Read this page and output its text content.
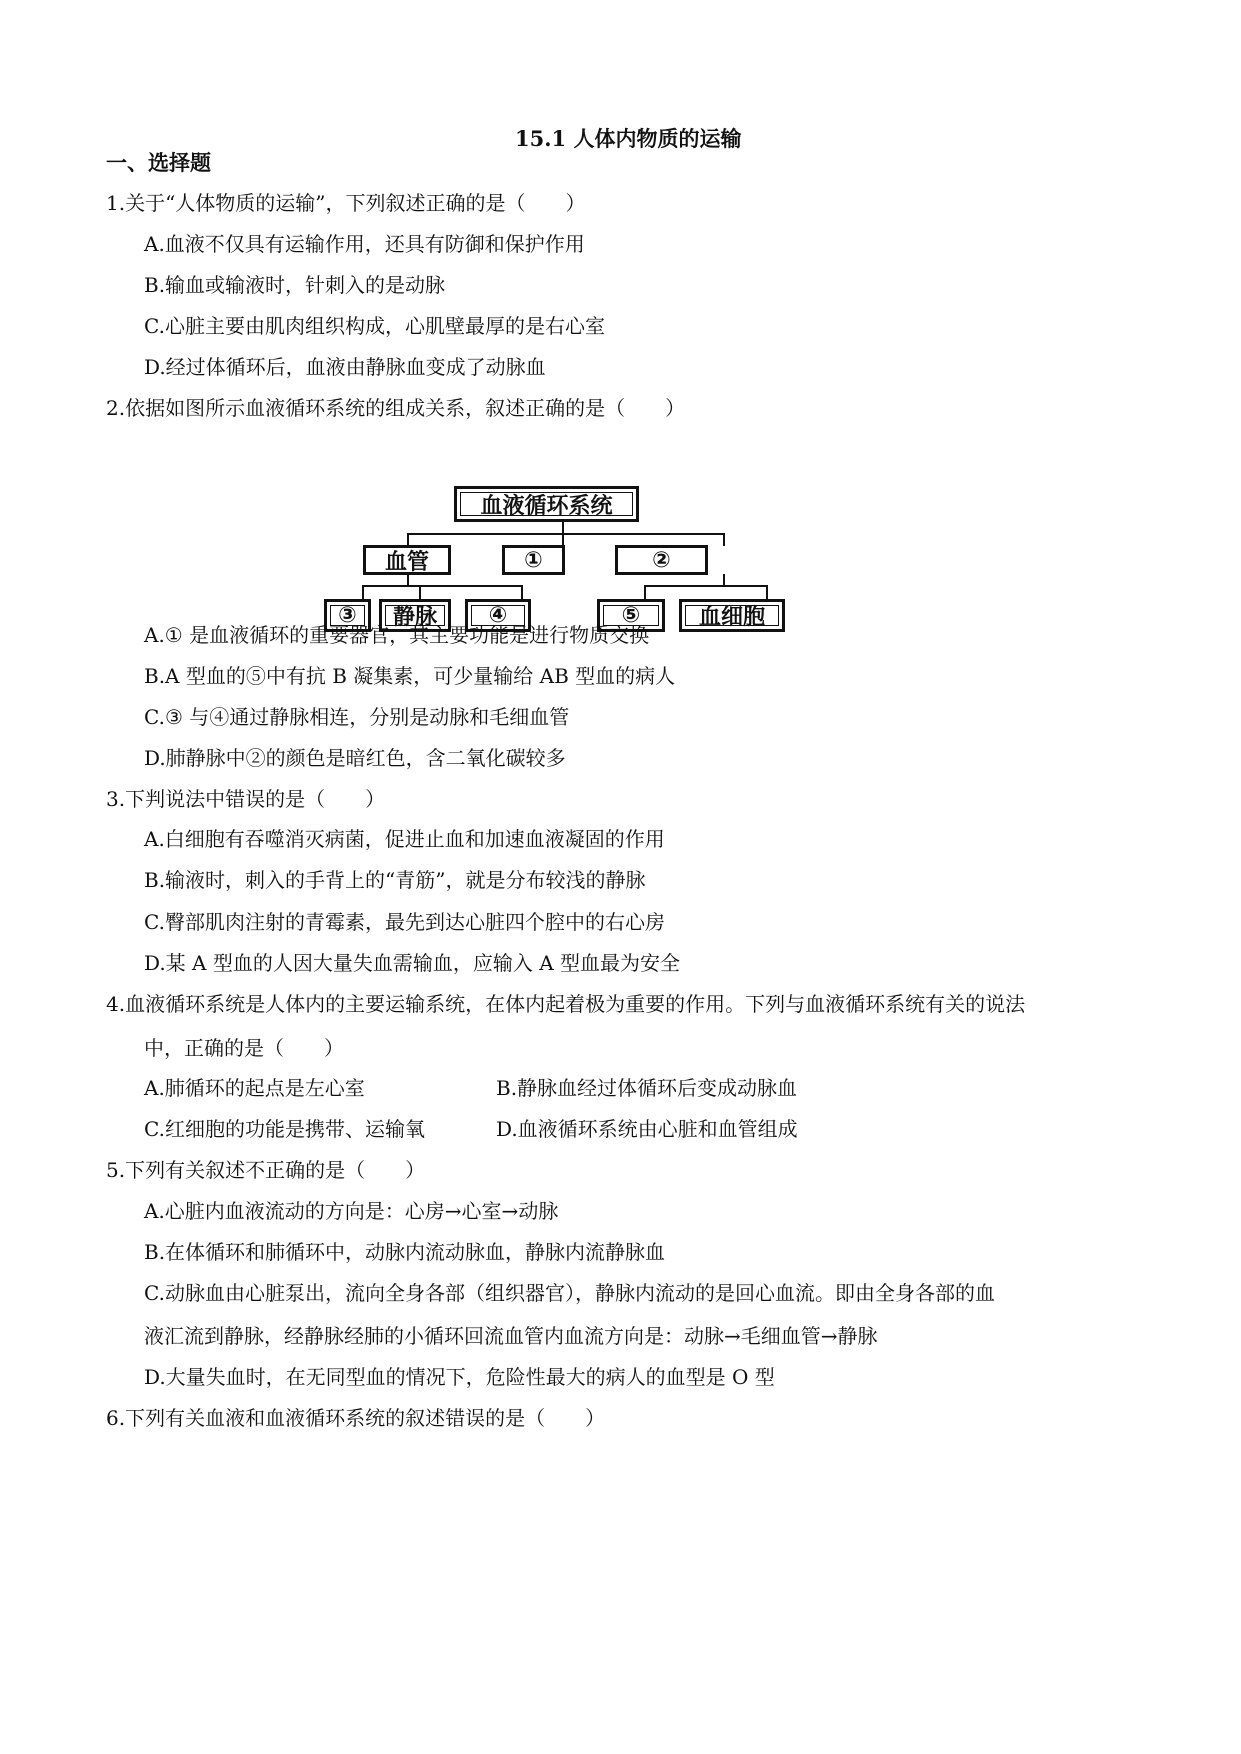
15.1 人体内物质的运输
一、选择题
1.关于“人体物质的运输”，下列叙述正确的是（　　）
A.血液不仅具有运输作用，还具有防御和保护作用
B.输血或输液时，针刺入的是动脉
C.心脏主要由肌肉组织构成，心肌壁最厚的是右心室
D.经过体循环后，血液由静脉血变成了动脉血
2.依据如图所示血液循环系统的组成关系，叙述正确的是（　　）
血液循环系统
血管	①	②
③ 静脉 ④	⑤	血细胞
A.① 是血液循环的重要器官，其主要功能是进行物质交换
B.A 型血的⑤中有抗 B 凝集素，可少量输给 AB 型血的病人
C.③ 与④通过静脉相连，分别是动脉和毛细血管
D.肺静脉中②的颜色是暗红色，含二氧化碳较多
3.下判说法中错误的是（　　）
A.白细胞有吞噬消灭病菌，促进止血和加速血液凝固的作用
B.输液时，刺入的手背上的“青筋”，就是分布较浅的静脉
C.臀部肌肉注射的青霉素，最先到达心脏四个腔中的右心房
D.某 A 型血的人因大量失血需输血，应输入 A 型血最为安全
4.血液循环系统是人体内的主要运输系统，在体内起着极为重要的作用。下列与血液循环系统有关的说法
中，正确的是（　　）
A.肺循环的起点是左心室	B.静脉血经过体循环后变成动脉血
C.红细胞的功能是携带、运输氧	D.血液循环系统由心脏和血管组成
5.下列有关叙述不正确的是（　　）
A.心脏内血液流动的方向是：心房→心室→动脉
B.在体循环和肺循环中，动脉内流动脉血，静脉内流静脉血
C.动脉血由心脏泵出，流向全身各部（组织器官），静脉内流动的是回心血流。即由全身各部的血
液汇流到静脉，经静脉经肺的小循环回流血管内血流方向是：动脉→毛细血管→静脉
D.大量失血时，在无同型血的情况下，危险性最大的病人的血型是 O 型
6.下列有关血液和血液循环系统的叙述错误的是（　　）
